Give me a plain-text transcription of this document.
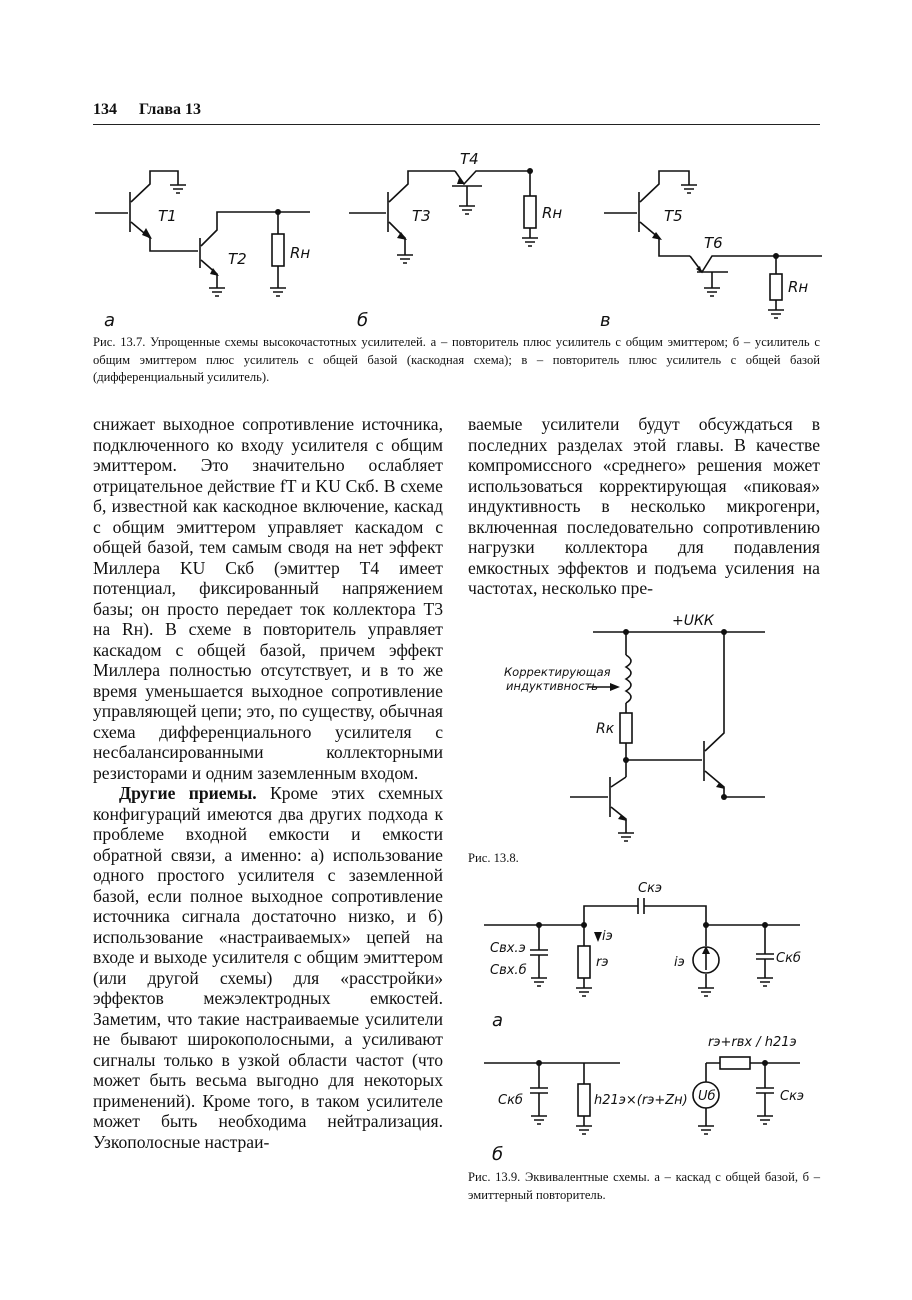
134 Глава 13
T1
T2	Rн
T3
T4
Rн	T5
T6
Rн
а	б	в
Рис. 13.7. Упрощенные схемы высокочастотных усилителей. а – повторитель плюс усилитель с общим эмиттером; б – усилитель с общим эмиттером плюс усилитель с общей базой (каскодная схема); в – повторитель плюс усилитель с общей базой (дифференциальный усилитель).

снижает выходное сопротивление источника, подключенного ко входу усилителя с общим эмиттером. Это значительно ослабляет отрицательное действие fT и KU Cкб. В схеме б, известной как каскодное включение, каскад с общим эмиттером управляет каскадом с общей базой, тем самым сводя на нет эффект Миллера KU Cкб (эмиттер T4 имеет потенциал, фиксированный напряжением базы; он просто передает ток коллектора T3 на Rн). В схеме в повторитель управляет каскадом с общей базой, причем эффект Миллера полностью отсутствует, и в то же время уменьшается выходное сопротивление управляющей цепи; это, по существу, обычная схема дифференциального усилителя с несбалансированными коллекторными резисторами и одним заземленным входом.

Другие приемы. Кроме этих схемных конфигураций имеются два других подхода к проблеме входной емкости и емкости обратной связи, а именно: а) использование одного простого усилителя с заземленной базой, если полное выходное сопротивление источника сигнала достаточно низко, и б) использование «настраиваемых» цепей на входе и выходе усилителя с общим эмиттером (или другой схемы) для «расстройки» эффектов межэлектродных емкостей. Заметим, что такие настраиваемые усилители не бывают широкополосными, а усиливают сигналы только в узкой области частот (что может быть весьма выгодно для некоторых применений). Кроме того, в таком усилителе может быть необходима нейтрализация. Узкополосные настраи-

ваемые усилители будут обсуждаться в последних разделах этой главы. В качестве компромиссного «среднего» решения может использоваться корректирующая «пиковая» индуктивность в несколько микрогенри, включенная последовательно сопротивлению нагрузки коллектора для подавления емкостных эффектов и подъема усиления на частотах, несколько пре-

+UКК
Корректирующая
индуктивность
Rк
Рис. 13.8.
Cкэ
iэ
Cвх.э
Cвх.б
rэ	iэ	Cкб
Cкб	h21э×(rэ+Zн)
rэ+rвх / h21э
Uб	Cкэ
а
б
Рис. 13.9. Эквивалентные схемы. а – каскад с общей базой, б – эмиттерный повторитель.
